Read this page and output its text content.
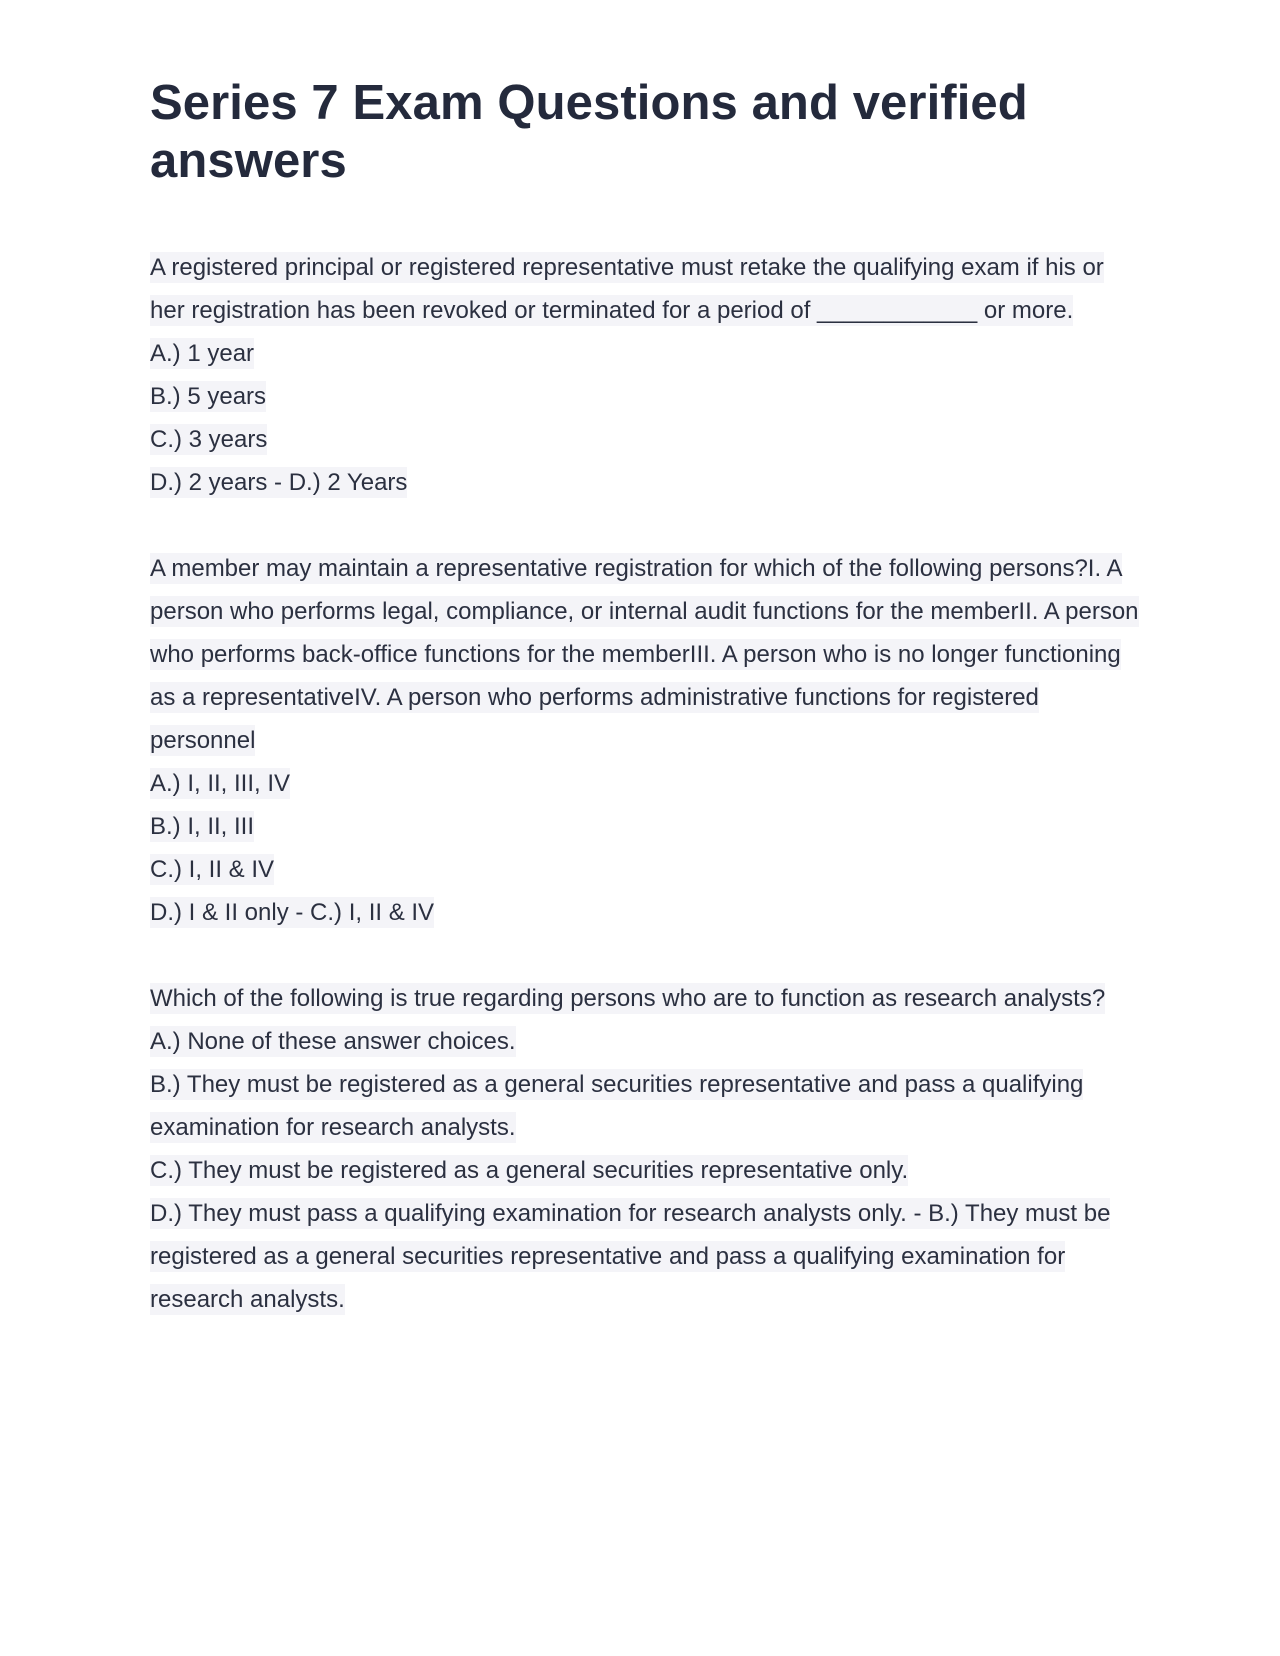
Series 7 Exam Questions and verified answers

A registered principal or registered representative must retake the qualifying exam if his or her registration has been revoked or terminated for a period of ____________ or more.

A.) 1 year

B.) 5 years

C.) 3 years

D.) 2 years - D.) 2 Years

A member may maintain a representative registration for which of the following persons?I. A person who performs legal, compliance, or internal audit functions for the memberII. A person who performs back-office functions for the memberIII. A person who is no longer functioning as a representativeIV. A person who performs administrative functions for registered personnel

A.) I, II, III, IV

B.) I, II, III

C.) I, II & IV

D.) I & II only - C.) I, II & IV

Which of the following is true regarding persons who are to function as research analysts?

A.) None of these answer choices.

B.) They must be registered as a general securities representative and pass a qualifying examination for research analysts.

C.) They must be registered as a general securities representative only.

D.) They must pass a qualifying examination for research analysts only. - B.) They must be registered as a general securities representative and pass a qualifying examination for research analysts.
